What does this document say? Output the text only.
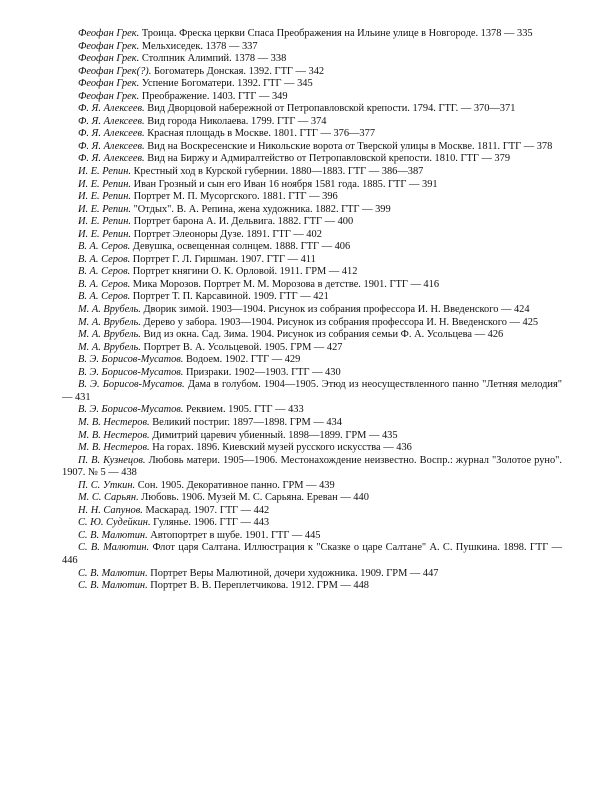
Феофан Грек. Троица. Фреска церкви Спаса Преображения на Ильине улице в Новгороде. 1378 — 335

Феофан Грек. Мельхиседек. 1378 — 337

Феофан Грек. Столпник Алимпий. 1378 — 338

Феофан Грек(?). Богоматерь Донская. 1392. ГТГ — 342

Феофан Грек. Успение Богоматери. 1392. ГТГ — 345

Феофан Грек. Преображение. 1403. ГТГ — 349

Ф. Я. Алексеев. Вид Дворцовой набережной от Петропавловской крепости. 1794. ГТГ. — 370—371

Ф. Я. Алексеев. Вид города Николаева. 1799. ГТГ — 374

Ф. Я. Алексеев. Красная площадь в Москве. 1801. ГТГ — 376—377

Ф. Я. Алексеев. Вид на Воскресенские и Никольские ворота от Тверской улицы в Москве. 1811. ГТГ — 378

Ф. Я. Алексеев. Вид на Биржу и Адмиралтейство от Петропавловской крепости. 1810. ГТГ — 379

И. Е. Репин. Крестный ход в Курской губернии. 1880—1883. ГТГ — 386—387

И. Е. Репин. Иван Грозный и сын его Иван 16 ноября 1581 года. 1885. ГТГ — 391

И. Е. Репин. Портрет М. П. Мусоргского. 1881. ГТГ — 396

И. Е. Репин. "Отдых". В. А. Репина, жена художника. 1882. ГТГ — 399

И. Е. Репин. Портрет барона А. И. Дельвига. 1882. ГТГ — 400

И. Е. Репин. Портрет Элеоноры Дузе. 1891. ГТГ — 402

В. А. Серов. Девушка, освещенная солнцем. 1888. ГТГ — 406

В. А. Серов. Портрет Г. Л. Гиршман. 1907. ГТГ — 411

В. А. Серов. Портрет княгини О. К. Орловой. 1911. ГРМ — 412

В. А. Серов. Мика Морозов. Портрет М. М. Морозова в детстве. 1901. ГТГ — 416

В. А. Серов. Портрет Т. П. Карсавиной. 1909. ГТГ — 421

М. А. Врубель. Дворик зимой. 1903—1904. Рисунок из собрания профессора И. Н. Введенского — 424

М. А. Врубель. Дерево у забора. 1903—1904. Рисунок из собрания профессора И. Н. Введенского — 425

М. А. Врубель. Вид из окна. Сад. Зима. 1904. Рисунок из собрания семьи Ф. А. Усольцева — 426

М. А. Врубель. Портрет В. А. Усольцевой. 1905. ГРМ — 427

В. Э. Борисов-Мусатов. Водоем. 1902. ГТГ — 429

В. Э. Борисов-Мусатов. Призраки. 1902—1903. ГТГ — 430

В. Э. Борисов-Мусатов. Дама в голубом. 1904—1905. Этюд из неосуществленного панно "Летняя мелодия" — 431

В. Э. Борисов-Мусатов. Реквием. 1905. ГТГ — 433

М. В. Нестеров. Великий постриг. 1897—1898. ГРМ — 434

М. В. Нестеров. Димитрий царевич убиенный. 1898—1899. ГРМ — 435

М. В. Нестеров. На горах. 1896. Киевский музей русского искусства — 436

П. В. Кузнецов. Любовь матери. 1905—1906. Местонахождение неизвестно. Воспр.: журнал "Золотое руно". 1907. № 5 — 438

П. С. Уткин. Сон. 1905. Декоративное панно. ГРМ — 439

М. С. Сарьян. Любовь. 1906. Музей М. С. Сарьяна. Ереван — 440

Н. Н. Сапунов. Маскарад. 1907. ГТГ — 442

С. Ю. Судейкин. Гулянье. 1906. ГТГ — 443

С. В. Малютин. Автопортрет в шубе. 1901. ГТГ — 445

С. В. Малютин. Флот царя Салтана. Иллюстрация к "Сказке о царе Салтане" А. С. Пушкина. 1898. ГТГ — 446

С. В. Малютин. Портрет Веры Малютиной, дочери художника. 1909. ГРМ — 447

С. В. Малютин. Портрет В. В. Переплетчикова. 1912. ГРМ — 448
